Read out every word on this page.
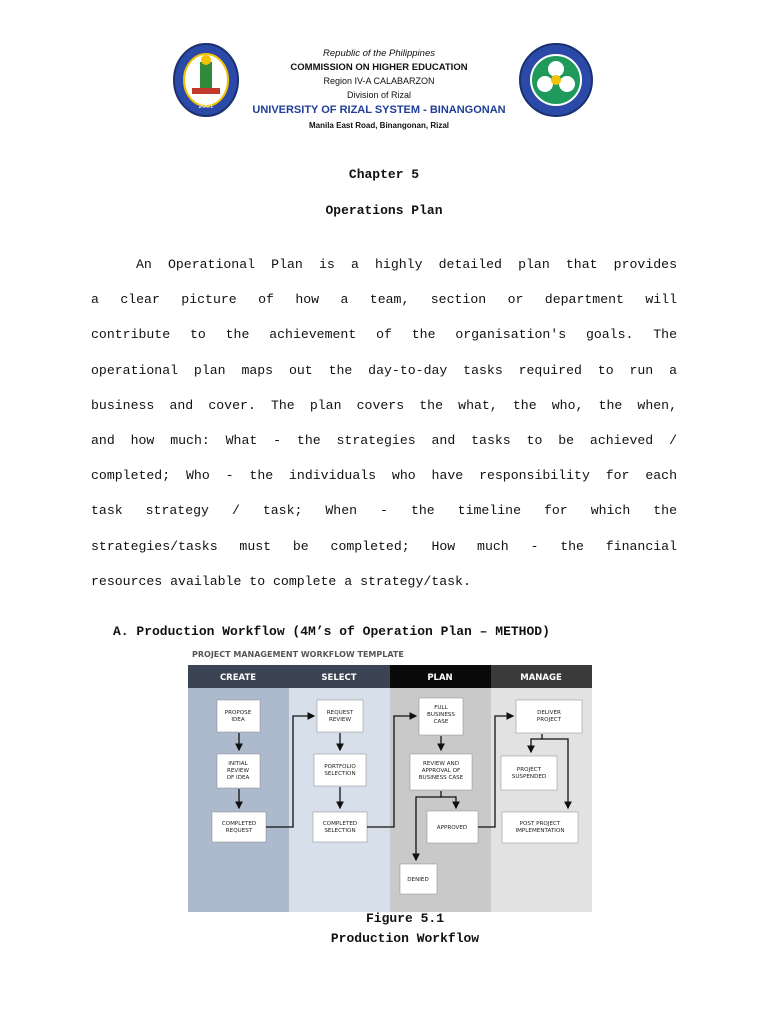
2001
Republic of the Philippines
COMMISSION ON HIGHER EDUCATION
Region IV-A CALABARZON
Division of Rizal
UNIVERSITY OF RIZAL SYSTEM - BINANGONAN
Manila East Road, Binangonan, Rizal
Chapter 5
Operations Plan
An Operational Plan is a highly detailed plan that provides
a clear picture of how a team, section or department will
contribute to the achievement of the organisation's goals. The
operational plan maps out the day-to-day tasks required to run a
business and cover. The plan covers the what, the who, the when,
and how much: What - the strategies and tasks to be achieved /
completed; Who - the individuals who have responsibility for each
task strategy / task; When - the timeline for which the
strategies/tasks must be completed; How much - the financial
resources available to complete a strategy/task.
A. Production Workflow (4M’s of Operation Plan – METHOD)
PROJECT MANAGEMENT WORKFLOW TEMPLATE
CREATE	SELECT	PLAN	MANAGE
PROPOSE
IDEA
INITIAL
REVIEW
OF IDEA
COMPLETED
REQUEST
REQUEST
REVIEW
PORTFOLIO
SELECTION
COMPLETED
SELECTION
FULL
BUSINESS
CASE
REVIEW AND
APPROVAL OF
BUSINESS CASE
APPROVED
DENIED
DELIVER
PROJECT
PROJECT
SUSPENDED
POST PROJECT
IMPLEMENTATION
Figure 5.1
Production Workflow
